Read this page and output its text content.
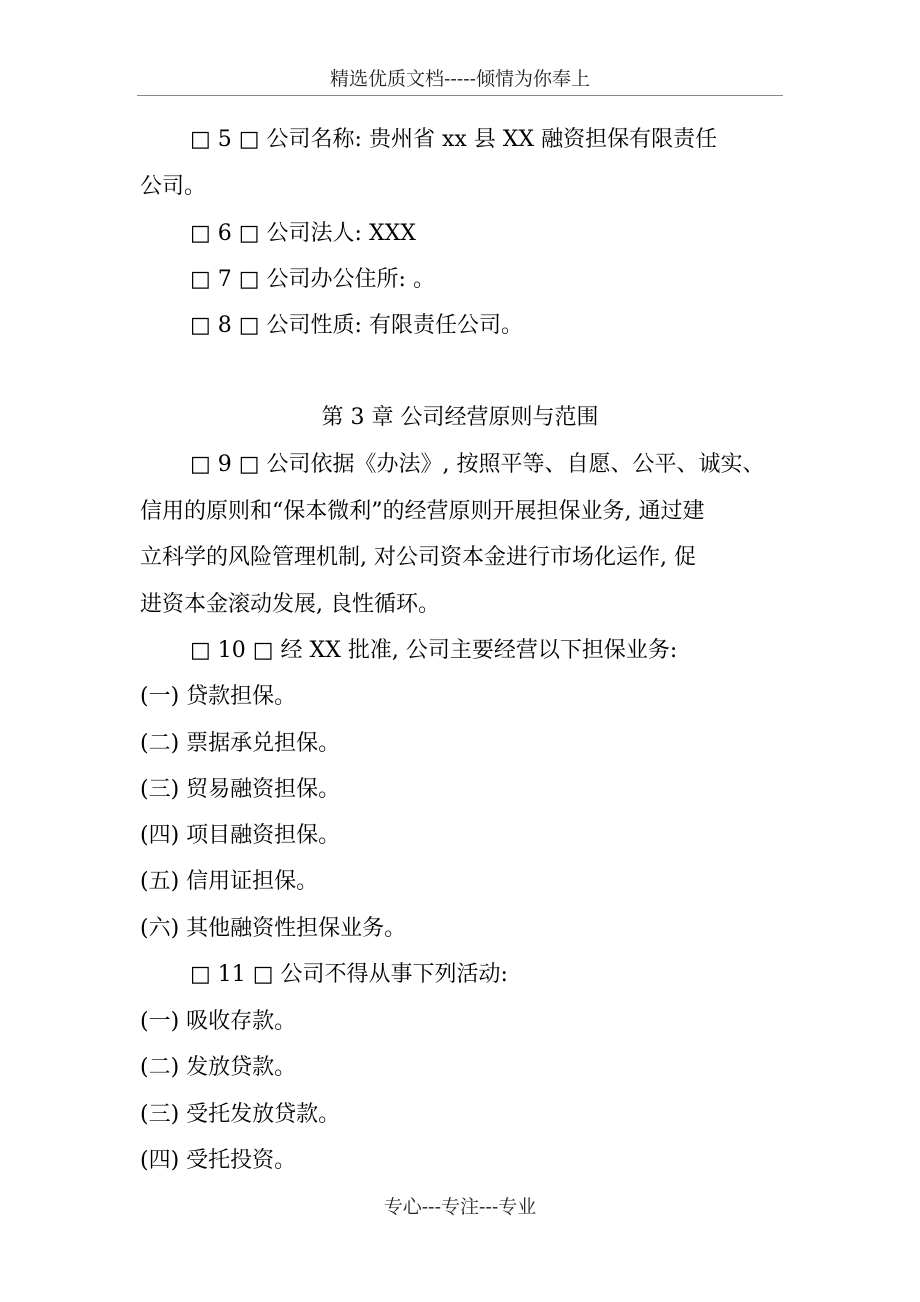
精选优质文档-----倾情为你奉上
□ 5 □ 公司名称: 贵州省 xx 县 XX 融资担保有限责任
公司。
□ 6 □ 公司法人: XXX
□ 7 □ 公司办公住所: 。
□ 8 □ 公司性质: 有限责任公司。
第 3 章 公司经营原则与范围
□ 9 □ 公司依据《办法》, 按照平等、自愿、公平、诚实、
信用的原则和“保本微利”的经营原则开展担保业务, 通过建
立科学的风险管理机制, 对公司资本金进行市场化运作, 促
进资本金滚动发展, 良性循环。
□ 10 □ 经 XX 批准, 公司主要经营以下担保业务:
(一) 贷款担保。
(二) 票据承兑担保。
(三) 贸易融资担保。
(四) 项目融资担保。
(五) 信用证担保。
(六) 其他融资性担保业务。
□ 11 □ 公司不得从事下列活动:
(一) 吸收存款。
(二) 发放贷款。
(三) 受托发放贷款。
(四) 受托投资。
专心---专注---专业
